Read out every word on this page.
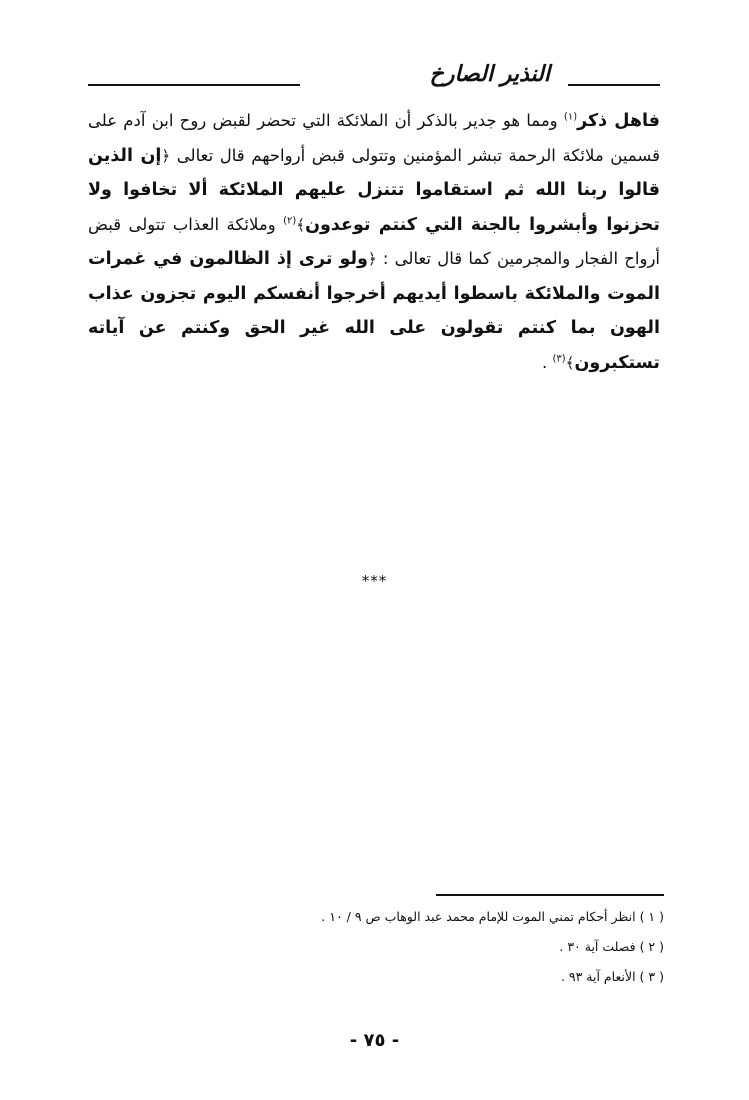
النذير الصارخ

فاهل ذكر$^{(١)}$ ومما هو جدير بالذكر أن الملائكة التي تحضر لقبض روح ابن آدم على قسمين ملائكة الرحمة تبشر المؤمنين وتتولى قبض أرواحهم قال تعالى ﴿إن الذين قالوا ربنا الله ثم استقاموا تتنزل عليهم الملائكة ألا تخافوا ولا تحزنوا وأبشروا بالجنة التي كنتم توعدون﴾$^{(٢)}$ وملائكة العذاب تتولى قبض أرواح الفجار والمجرمين كما قال تعالى : ﴿ولو ترى إذ الظالمون في غمرات الموت والملائكة باسطوا أيديهم أخرجوا أنفسكم اليوم تجزون عذاب الهون بما كنتم تقولون على الله غير الحق وكنتم عن آياته تستكبرون﴾$^{(٣)}$ .

***
( ١ ) انظر أحكام تمني الموت للإمام محمد عبد الوهاب ص ٩ / ١٠ .
( ٢ ) فصلت آية ٣٠ .
( ٣ ) الأنعام آية ٩٣ .
- ٧٥ -
